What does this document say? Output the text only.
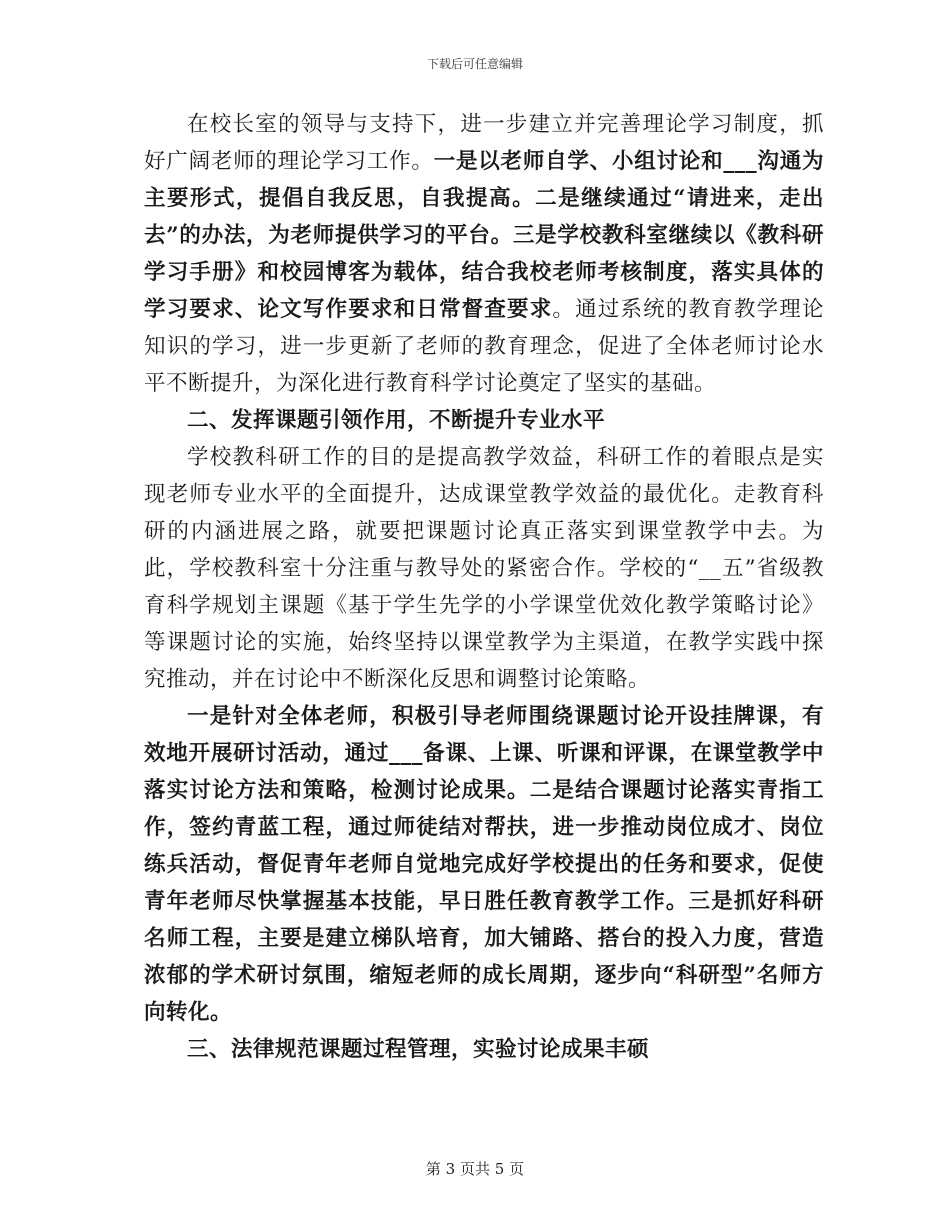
下载后可任意编辑

在校长室的领导与支持下，进一步建立并完善理论学习制度，抓好广阔老师的理论学习工作。一是以老师自学、小组讨论和___沟通为主要形式，提倡自我反思，自我提高。二是继续通过“请进来，走出去”的办法，为老师提供学习的平台。三是学校教科室继续以《教科研学习手册》和校园博客为载体，结合我校老师考核制度，落实具体的学习要求、论文写作要求和日常督查要求。通过系统的教育教学理论知识的学习，进一步更新了老师的教育理念，促进了全体老师讨论水平不断提升，为深化进行教育科学讨论奠定了坚实的基础。

二、发挥课题引领作用，不断提升专业水平

学校教科研工作的目的是提高教学效益，科研工作的着眼点是实现老师专业水平的全面提升，达成课堂教学效益的最优化。走教育科研的内涵进展之路，就要把课题讨论真正落实到课堂教学中去。为此，学校教科室十分注重与教导处的紧密合作。学校的“__五”省级教育科学规划主课题《基于学生先学的小学课堂优效化教学策略讨论》等课题讨论的实施，始终坚持以课堂教学为主渠道，在教学实践中探究推动，并在讨论中不断深化反思和调整讨论策略。

一是针对全体老师，积极引导老师围绕课题讨论开设挂牌课，有效地开展研讨活动，通过___备课、上课、听课和评课，在课堂教学中落实讨论方法和策略，检测讨论成果。二是结合课题讨论落实青指工作，签约青蓝工程，通过师徒结对帮扶，进一步推动岗位成才、岗位练兵活动，督促青年老师自觉地完成好学校提出的任务和要求，促使青年老师尽快掌握基本技能，早日胜任教育教学工作。三是抓好科研名师工程，主要是建立梯队培育，加大铺路、搭台的投入力度，营造浓郁的学术研讨氛围，缩短老师的成长周期，逐步向“科研型”名师方向转化。

三、法律规范课题过程管理，实验讨论成果丰硕

第 3 页共 5 页
